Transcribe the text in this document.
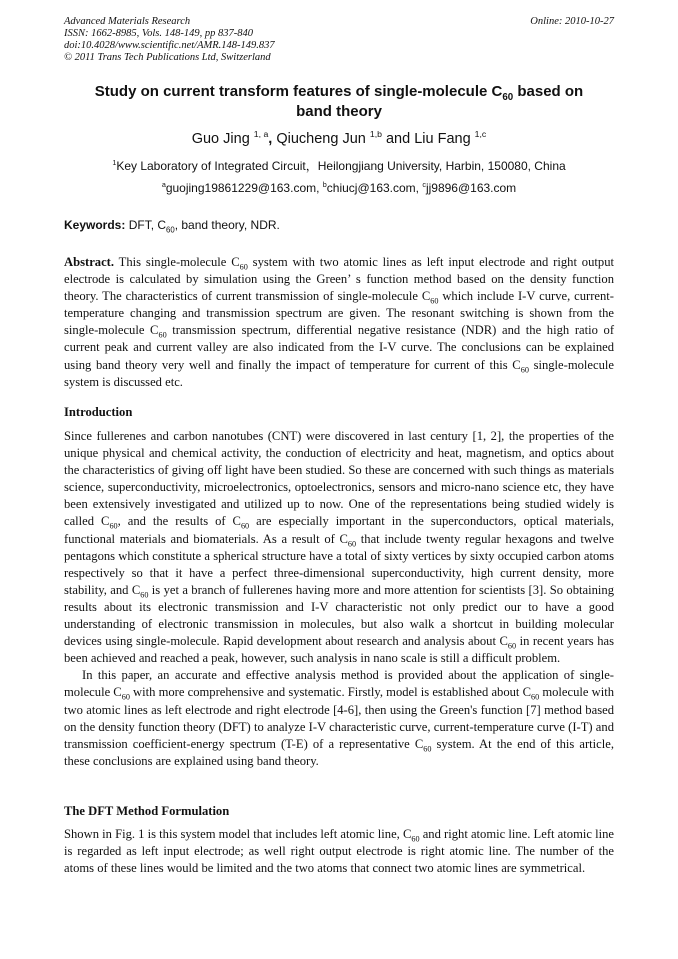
Advanced Materials Research
ISSN: 1662-8985, Vols. 148-149, pp 837-840
doi:10.4028/www.scientific.net/AMR.148-149.837
© 2011 Trans Tech Publications Ltd, Switzerland
Online: 2010-10-27
Study on current transform features of single-molecule $C_{60}$ based on
band theory
Guo Jing $^{1, a}$, Qiucheng Jun $^{1,b}$ and Liu Fang $^{1,c}$
$^1$Key Laboratory of Integrated Circuit，Heilongjiang University, Harbin, 150080, China
$^a$guojing19861229@163.com, $^b$chiucj@163.com, $^c$jj9896@163.com
Keywords: DFT, $C_{60}$, band theory, NDR.

Abstract. This single-molecule $C_{60}$ system with two atomic lines as left input electrode and right output electrode is calculated by simulation using the Green’ s function method based on the density function theory. The characteristics of current transmission of single-molecule $C_{60}$ which include I-V curve, current-temperature changing and transmission spectrum are given. The resonant switching is shown from the single-molecule $C_{60}$ transmission spectrum, differential negative resistance (NDR) and the high ratio of current peak and current valley are also indicated from the I-V curve. The conclusions can be explained using band theory very well and finally the impact of temperature for current of this $C_{60}$ single-molecule system is discussed etc.

Introduction

Since fullerenes and carbon nanotubes (CNT) were discovered in last century [1, 2], the properties of the unique physical and chemical activity, the conduction of electricity and heat, magnetism, and optics about the characteristics of giving off light have been studied. So these are concerned with such things as materials science, superconductivity, microelectronics, optoelectronics, sensors and micro-nano science etc, they have been extensively investigated and utilized up to now. One of the representations being studied widely is called $C_{60}$, and the results of $C_{60}$ are especially important in the superconductors, optical materials, functional materials and biomaterials. As a result of $C_{60}$ that include twenty regular hexagons and twelve pentagons which constitute a spherical structure have a total of sixty vertices by sixty occupied carbon atoms respectively so that it have a perfect three-dimensional superconductivity, high current density, more stability, and $C_{60}$ is yet a branch of fullerenes having more and more attention for scientists [3]. So obtaining results about its electronic transmission and I-V characteristic not only predict our to have a good understanding of electronic transmission in molecules, but also walk a shortcut in building molecular devices using single-molecule. Rapid development about research and analysis about $C_{60}$ in recent years has been achieved and reached a peak, however, such analysis in nano scale is still a difficult problem.

In this paper, an accurate and effective analysis method is provided about the application of single-molecule $C_{60}$ with more comprehensive and systematic. Firstly, model is established about $C_{60}$ molecule with two atomic lines as left electrode and right electrode [4-6], then using the Green's function [7] method based on the density function theory (DFT) to analyze I-V characteristic curve, current-temperature curve (I-T) and transmission coefficient-energy spectrum (T-E) of a representative $C_{60}$ system. At the end of this article, these conclusions are explained using band theory.

The DFT Method Formulation

Shown in Fig. 1 is this system model that includes left atomic line, $C_{60}$ and right atomic line. Left atomic line is regarded as left input electrode; as well right output electrode is right atomic line. The number of the atoms of these lines would be limited and the two atoms that connect two atomic lines are symmetrical.
